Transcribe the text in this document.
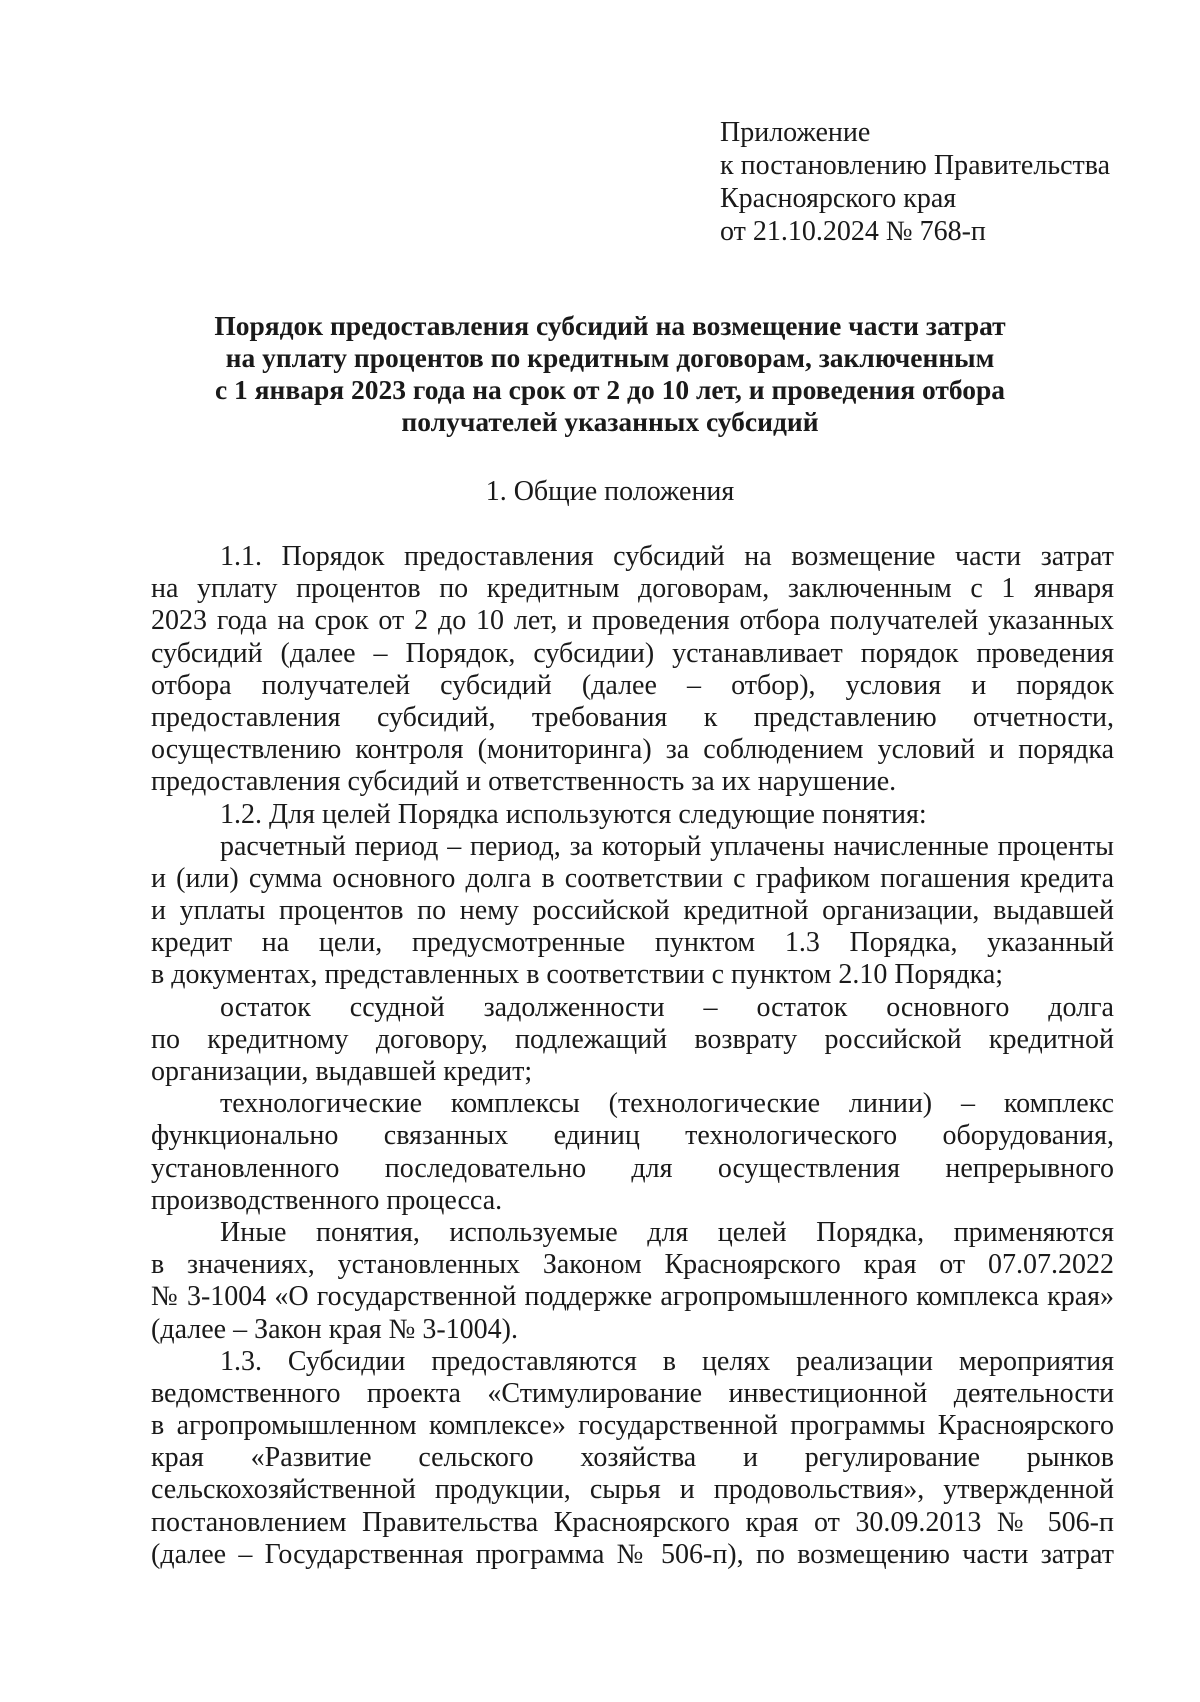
Приложение
к постановлению Правительства
Красноярского края
от 21.10.2024 № 768-п
Порядок предоставления субсидий на возмещение части затрат
на уплату процентов по кредитным договорам, заключенным
с 1 января 2023 года на срок от 2 до 10 лет, и проведения отбора
получателей указанных субсидий
1. Общие положения
1.1. Порядок предоставления субсидий на возмещение части затрат
на уплату процентов по кредитным договорам, заключенным с 1 января
2023 года на срок от 2 до 10 лет, и проведения отбора получателей указанных
субсидий (далее – Порядок, субсидии) устанавливает порядок проведения
отбора получателей субсидий (далее – отбор), условия и порядок
предоставления субсидий, требования к представлению отчетности,
осуществлению контроля (мониторинга) за соблюдением условий и порядка
предоставления субсидий и ответственность за их нарушение.
1.2. Для целей Порядка используются следующие понятия:
расчетный период – период, за который уплачены начисленные проценты
и (или) сумма основного долга в соответствии с графиком погашения кредита
и уплаты процентов по нему российской кредитной организации, выдавшей
кредит на цели, предусмотренные пунктом 1.3 Порядка, указанный
в документах, представленных в соответствии с пунктом 2.10 Порядка;
остаток ссудной задолженности – остаток основного долга
по кредитному договору, подлежащий возврату российской кредитной
организации, выдавшей кредит;
технологические комплексы (технологические линии) – комплекс
функционально связанных единиц технологического оборудования,
установленного последовательно для осуществления непрерывного
производственного процесса.
Иные понятия, используемые для целей Порядка, применяются
в значениях, установленных Законом Красноярского края от 07.07.2022
№ 3-1004 «О государственной поддержке агропромышленного комплекса края»
(далее – Закон края № 3-1004).
1.3. Субсидии предоставляются в целях реализации мероприятия
ведомственного проекта «Стимулирование инвестиционной деятельности
в агропромышленном комплексе» государственной программы Красноярского
края «Развитие сельского хозяйства и регулирование рынков
сельскохозяйственной продукции, сырья и продовольствия», утвержденной
постановлением Правительства Красноярского края от 30.09.2013 № 506-п
(далее – Государственная программа № 506-п), по возмещению части затрат
